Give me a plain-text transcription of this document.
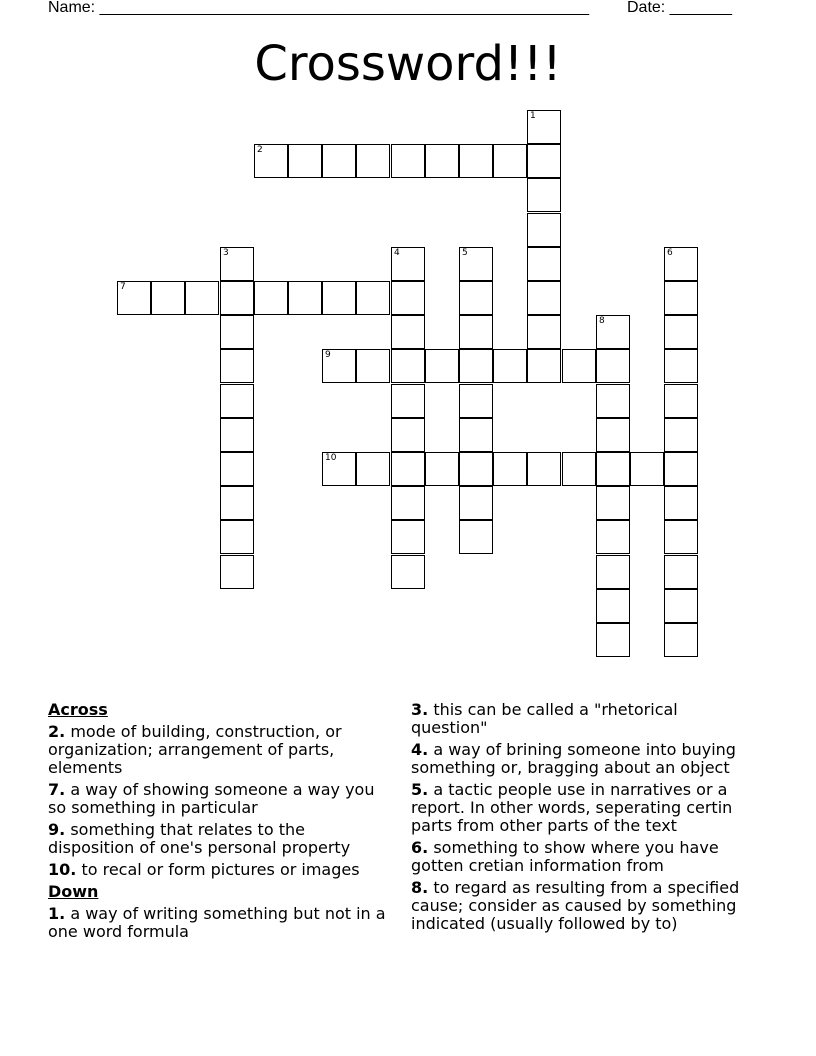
Name: _______________________________________________________ Date: _______
Crossword!!!
1
2
3	4	5	6
7
8
9
10
Across
2. mode of building, construction, or organization; arrangement of parts, elements
7. a way of showing someone a way you so something in particular
9. something that relates to the disposition of one's personal property
10. to recal or form pictures or images
Down
1. a way of writing something but not in a one word formula
3. this can be called a "rhetorical question"
4. a way of brining someone into buying something or, bragging about an object
5. a tactic people use in narratives or a report. In other words, seperating certin parts from other parts of the text
6. something to show where you have gotten cretian information from
8. to regard as resulting from a specified cause; consider as caused by something indicated (usually followed by to)
